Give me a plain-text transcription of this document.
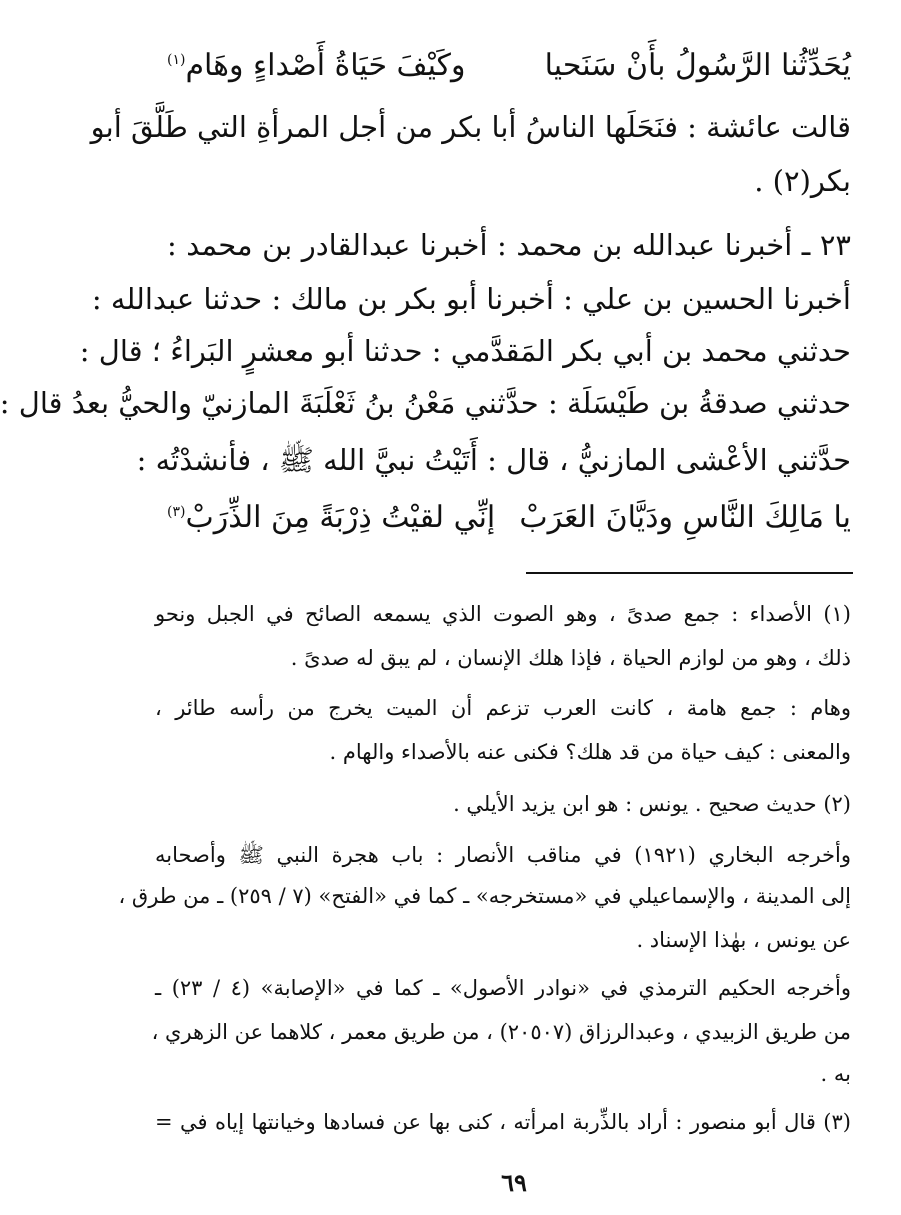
يُحَدِّثُنا الرَّسُولُ بأَنْ سَنَحيا
وكَيْفَ حَيَاةُ أَصْداءٍ وهَام$^{(١)}$
قالت عائشة : فنَحَلَها الناسُ أبا بكر من أجل المرأةِ التي طَلَّقَ أبو
بكر(٢) .
٢٣ ـ أخبرنا عبدالله بن محمد : أخبرنا عبدالقادر بن محمد :
أخبرنا الحسين بن علي : أخبرنا أبو بكر بن مالك : حدثنا عبدالله :
حدثني محمد بن أبي بكر المَقدَّمي : حدثنا أبو معشرٍ البَراءُ ؛ قال :
حدثني صدقةُ بن طَيْسَلَة : حدَّثني مَعْنُ بنُ ثَعْلَبَةَ المازنيّ والحيُّ بعدُ قال :
حدَّثني الأعْشى المازنيُّ ، قال : أَتَيْتُ نبيَّ الله ﷺ ، فأنشدْتُه :
يا مَالِكَ النَّاسِ ودَيَّانَ العَرَبْ
إنِّي لقيْتُ ذِرْبَةً مِنَ الذِّرَبْ$^{(٣)}$
(١) الأصداء : جمع صدىً ، وهو الصوت الذي يسمعه الصائح في الجبل ونحو
ذلك ، وهو من لوازم الحياة ، فإذا هلك الإنسان ، لم يبق له صدىً .
وهام : جمع هامة ، كانت العرب تزعم أن الميت يخرج من رأسه طائر ،
والمعنى : كيف حياة من قد هلك؟ فكنى عنه بالأصداء والهام .
(٢) حديث صحيح . يونس : هو ابن يزيد الأيلي .
وأخرجه البخاري (١٩٢١) في مناقب الأنصار : باب هجرة النبي ﷺ وأصحابه
إلى المدينة ، والإسماعيلي في «مستخرجه» ـ كما في «الفتح» (٧ / ٢٥٩) ـ من طرق ،
عن يونس ، بهٰذا الإسناد .
وأخرجه الحكيم الترمذي في «نوادر الأصول» ـ كما في «الإصابة» (٤ / ٢٣) ـ
من طريق الزبيدي ، وعبدالرزاق (٢٠٥٠٧) ، من طريق معمر ، كلاهما عن الزهري ،
به .
(٣) قال أبو منصور : أراد بالذِّربة امرأته ، كنى بها عن فسادها وخيانتها إياه في =
٦٩
